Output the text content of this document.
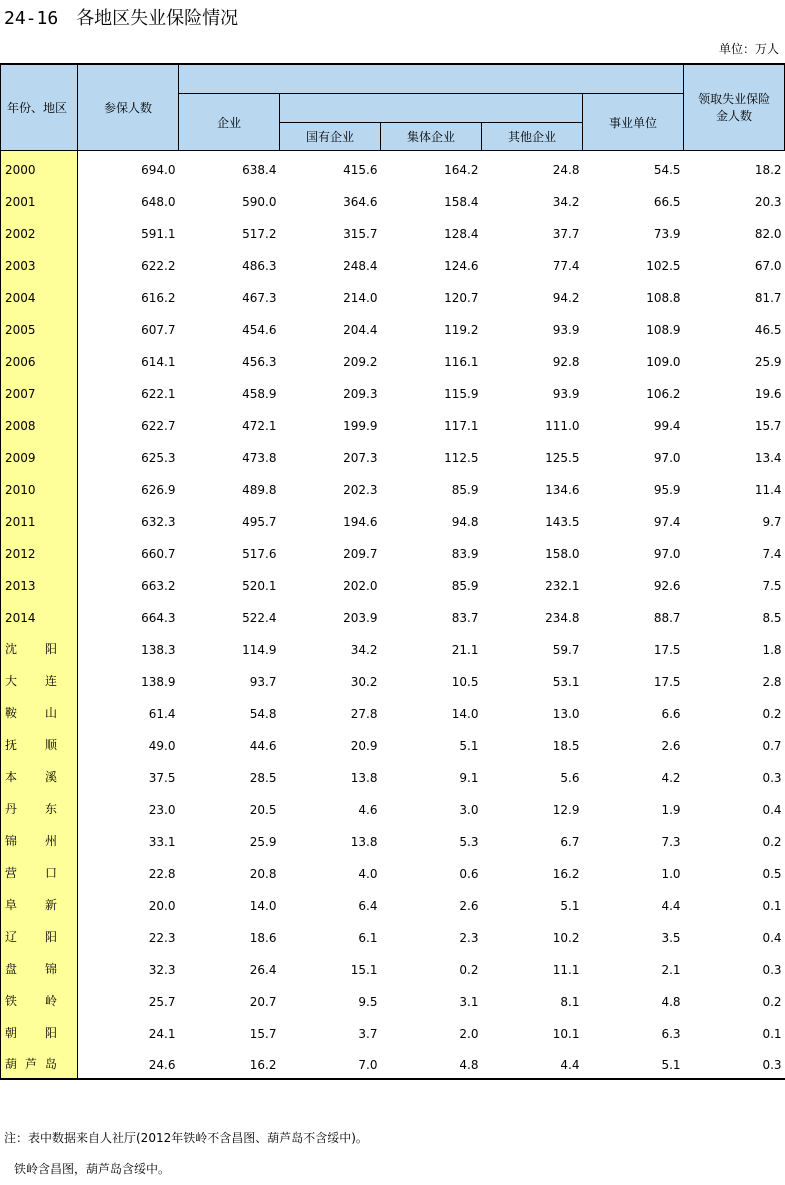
24-16 各地区失业保险情况
单位：万人
年份、地区	参保人数						领取失业保险金人数

		企业				事业单位	
			国有企业	集体企业	其他企业		
2000	694.0	638.4	415.6	164.2	24.8	54.5	18.2
2001	648.0	590.0	364.6	158.4	34.2	66.5	20.3
2002	591.1	517.2	315.7	128.4	37.7	73.9	82.0
2003	622.2	486.3	248.4	124.6	77.4	102.5	67.0
2004	616.2	467.3	214.0	120.7	94.2	108.8	81.7
2005	607.7	454.6	204.4	119.2	93.9	108.9	46.5
2006	614.1	456.3	209.2	116.1	92.8	109.0	25.9
2007	622.1	458.9	209.3	115.9	93.9	106.2	19.6
2008	622.7	472.1	199.9	117.1	111.0	99.4	15.7
2009	625.3	473.8	207.3	112.5	125.5	97.0	13.4
2010	626.9	489.8	202.3	85.9	134.6	95.9	11.4
2011	632.3	495.7	194.6	94.8	143.5	97.4	9.7
2012	660.7	517.6	209.7	83.9	158.0	97.0	7.4
2013	663.2	520.1	202.0	85.9	232.1	92.6	7.5
2014	664.3	522.4	203.9	83.7	234.8	88.7	8.5

沈 阳	138.3	114.9	34.2	21.1	59.7	17.5	1.8

大 连	138.9	93.7	30.2	10.5	53.1	17.5	2.8

鞍 山	61.4	54.8	27.8	14.0	13.0	6.6	0.2

抚 顺	49.0	44.6	20.9	5.1	18.5	2.6	0.7

本 溪	37.5	28.5	13.8	9.1	5.6	4.2	0.3

丹 东	23.0	20.5	4.6	3.0	12.9	1.9	0.4

锦 州	33.1	25.9	13.8	5.3	6.7	7.3	0.2

营 口	22.8	20.8	4.0	0.6	16.2	1.0	0.5

阜 新	20.0	14.0	6.4	2.6	5.1	4.4	0.1

辽 阳	22.3	18.6	6.1	2.3	10.2	3.5	0.4

盘 锦	32.3	26.4	15.1	0.2	11.1	2.1	0.3

铁 岭	25.7	20.7	9.5	3.1	8.1	4.8	0.2

朝 阳	24.1	15.7	3.7	2.0	10.1	6.3	0.1

葫 芦 岛	24.6	16.2	7.0	4.8	4.4	5.1	0.3
注：表中数据来自人社厅(2012年铁岭不含昌图、葫芦岛不含绥中)。
铁岭含昌图，葫芦岛含绥中。
